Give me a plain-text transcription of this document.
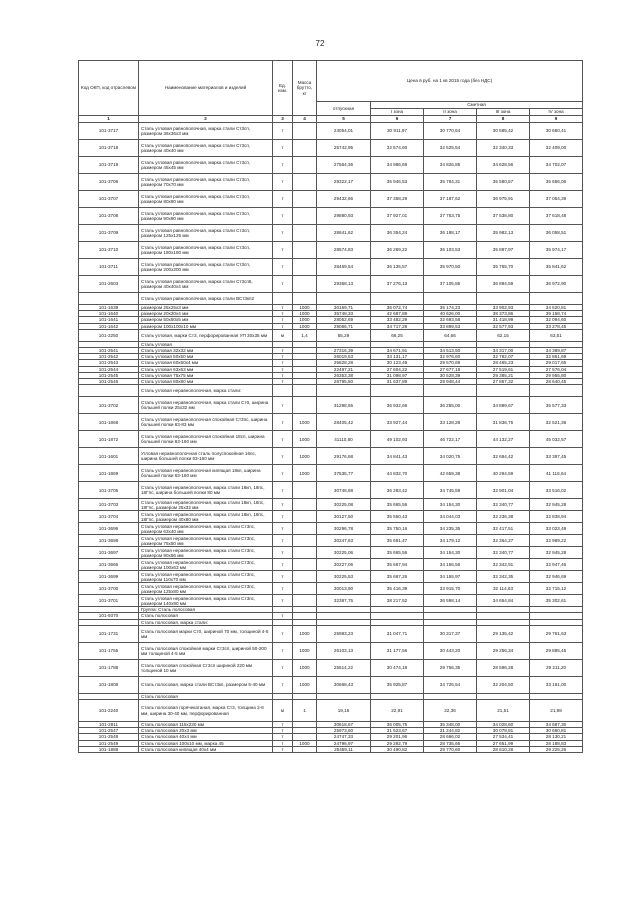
72
Код ОКП, код отраслевом	Наименование материалов и изделий	Ед. изм.	Масса брутто, кг	Цена в руб. на 1 кв 2015 года (без НДС)				
				отпускная	Сметная			
					I зона	II зона	III зона	IV зона
1	2	3	4	5	6	7	8	9
101-3717	Сталь угловая равнополочная, марка стали Ст3сп, размером 36х36х3 мм	т		24054,01	30 911,97	30 770,64	30 585,42	30 660,41
101-3718	Сталь угловая равнополочная, марка стали Ст3сп, размером 40х40 мм	т		25742,95	32 574,60	32 525,54	32 340,33	32 409,00
101-3719	Сталь угловая равнополочная, марка стали Ст3сп, размером 45х45 мм	т		27564,36	34 986,68	34 826,85	34 628,56	34 702,07
101-3706	Сталь угловая равнополочная, марка стали Ст3сп, размером 70х70 мм	т		29322,17	35 946,53	35 784,31	35 580,57	35 656,06
101-3707	Сталь угловая равнополочная, марка стали Ст3сп, размером 80х80 мм	т		29432,66	37 358,29	37 187,62	36 975,91	37 054,39
101-3708	Сталь угловая равнополочная, марка стали Ст3сп, размером 90х90 мм	т		29880,93	37 927,01	37 753,75	37 538,80	37 618,48
101-3709	Сталь угловая равнополочная, марка стали Ст3сп, размером 125х125 мм	т		28641,62	36 354,24	36 188,17	35 982,13	36 058,51
101-3710	Сталь угловая равнополочная, марка стали Ст3сп, размером 180х180 мм	т		28574,83	36 269,22	36 103,53	35 897,97	35 974,17
101-3711	Сталь угловая равнополочная, марка стали Ст3сп, размером 200х200 мм	т		28469,54	36 135,57	35 970,50	35 765,70	35 841,62
101-2603	Сталь угловая равнополочная, марка стали Ст3сп5, размером 40х40х4 мм	т		29368,13	37 276,13	37 105,85	36 894,59	36 972,90
	Сталь угловая равнополочная, марка стали ВСт3кп2							
101-1639	размером 25х25х3 мм	т	1000	30159,71	36 072,74	35 174,23	33 902,93	34 520,81
101-1640	размером 20х20х4 мм	т	1000	35748,33	42 687,89	40 626,00	38 373,86	39 158,74
101-1641	размером 50х50х5 мм	т	1000	28052,69	33 482,29	32 693,58	31 418,99	32 094,60
101-1642	размером 100х100х10 мм	т	1000	29066,71	34 717,28	33 899,53	32 577,93	33 278,45
101-2250	Сталь угловая, марки Ст3, перфорированная УП 30х35 мм	м	1,4	55,29	66,25	64,66	62,15	63,51
	Сталь угловая							
101-2541	Сталь угловая 32х32 мм	т		27316,39	34 671,91	34 513,50	34 317,00	34 389,87
101-2542	Сталь угловая 50х50 мм	т		26019,53	33 131,17	32 976,60	32 782,07	32 861,69
101-2543	Сталь угловая 60х60х4 мм	т		25828,28	30 123,49	29 570,69	28 465,23	29 017,65
101-2544	Сталь угловая 63х63 мм	т		22497,21	27 604,22	27 677,18	27 519,61	27 576,04
101-2545	Сталь угловая 75х75 мм	т		26353,38	31 098,97	30 528,39	29 385,21	29 955,80
101-2546	Сталь угловая 80х80 мм	т		26795,50	31 637,89	29 948,44	27 867,32	28 640,45
	Сталь угловая неравнополочная, марка стали:							
101-3702	Сталь угловая неравнополочная, марка стали Ст0, ширина большей полки 25х32 мм	т		31298,65	36 932,66	36 255,00	34 899,67	35 577,33
101-1868	Сталь угловая неравнополочная спокойная Ст3пс, ширина большей полки 63-83 мм	т	1000	28405,42	33 927,44	33 128,28	31 836,75	32 521,36
101-1872	Сталь угловая неравнополочная спокойная 18сп, ширина большей полки 63-160 мм	т	1000	41110,80	49 102,93	46 722,17	44 132,27	45 032,57
101-1601	Угловая неравнополочная сталь полуспокойная 16пс, ширина большей полки 63-160 мм	т	1000	29176,68	34 841,43	34 020,75	32 694,42	33 397,45
101-1869	Сталь угловая неравнополочная кипящая 18кп, ширина большей полки 63-160 мм	т	1000	37535,77	44 832,70	42 659,38	40 294,59	41 116,64
101-3705	Сталь угловая неравнополочная, марка стали 18кп, 18пс, 18Гпс, ширина большей полки 80 мм	т		30748,68	36 283,42	34 745,59	32 901,04	33 516,02
101-3703	Сталь угловая неравнополочная, марка стали 18кп, 18пс, 18Гпс, размером 25х32 мм	т		30225,08	35 665,56	34 154,30	32 340,77	32 945,28
101-3704	Сталь угловая неравнополочная, марка стали 18кп, 18пс, 18Гпс, размером 40х80 мм	т		30127,50	35 550,43	34 044,03	32 236,38	32 838,94
101-3696	Сталь угловая неравнополочная, марка стали Ст3пс, размером 63х40 мм	т		30296,78	35 750,16	34 235,35	32 417,51	33 023,48
101-3698	Сталь угловая неравнополочная, марка стали Ст3пс, размером 75х50 мм	т		30247,63	35 691,47	34 179,12	32 364,27	32 969,22
101-3697	Сталь угловая неравнополочная, марка стали Ст3пс, размером 90х56 мм	т		30225,06	35 665,56	34 154,30	32 340,77	32 945,28
101-3666	Сталь угловая неравнополочная, марка стали Ст3пс, размером 100х63 мм	т		30227,06	35 667,94	34 156,56	32 342,91	32 947,46
101-3699	Сталь угловая неравнополочная, марка стали Ст3пс, размером 110х70 мм	т		30225,53	35 667,26	34 155,97	32 342,35	32 946,69
101-3700	Сталь угловая неравнополочная, марка стали Ст3пс, размером 125х80 мм	т		30013,90	35 416,39	33 915,70	32 114,63	32 715,12
101-3701	Сталь угловая неравнополочная, марка стали Ст3пс, размером 140х90 мм	т		32387,75	38 217,52	36 598,14	34 654,84	35 302,61
	Группа: Сталь полосовая							
101-9370	Сталь полосовая	т						
	Сталь полосовая, марка стали:							
101-1731	Сталь полосовая марки Ст0, шириной 70 мм, толщиной 4-5 мм	т	1000	25983,23	31 047,71	30 317,37	29 135,42	29 761,63
101-1755	Сталь полосовая спокойная марки Ст3сп, шириной 50-200 мм толщиной 4-5 мм	т	1000	26103,13	31 177,56	30 443,20	29 256,34	29 885,45
101-1788	Сталь полосовая спокойная Ст3сп шириной 220 мм толщиной 10 мм	т	1000	25514,22	30 474,18	29 756,35	28 596,28	29 211,20
101-1808	Сталь полосовая, марка стали ВСт3кп, размером 5-40 мм	т	1000	30668,43	35 925,87	34 726,54	32 204,50	33 161,00
	Сталь полосовая							
101-2240	Сталь полосовая горячекатаная, марка Ст3, толщина 2-6 мм, ширина 30-40 мм, перфорированная	м	1	19,15	22,91	22,36	21,51	21,98
101-2811	Сталь полосовая 115х230 мм	т		30618,67	36 005,75	35 348,00	34 028,60	34 687,30
101-2547	Сталь полосовая 20х3 мм	т		25973,60	31 523,67	31 244,82	30 078,81	30 660,81
101-2548	Сталь полосовая 40х4 мм	т		24747,33	29 201,96	28 666,02	27 534,41	28 130,21
101-2549	Сталь полосовая 100х10 мм, марка 45	т	1000	24796,97	29 292,79	28 735,66	27 651,99	28 188,83
101-1888	Сталь полосовая кипящая 40х4 мм	т		25459,11	30 490,82	29 770,60	28 610,28	29 225,26
